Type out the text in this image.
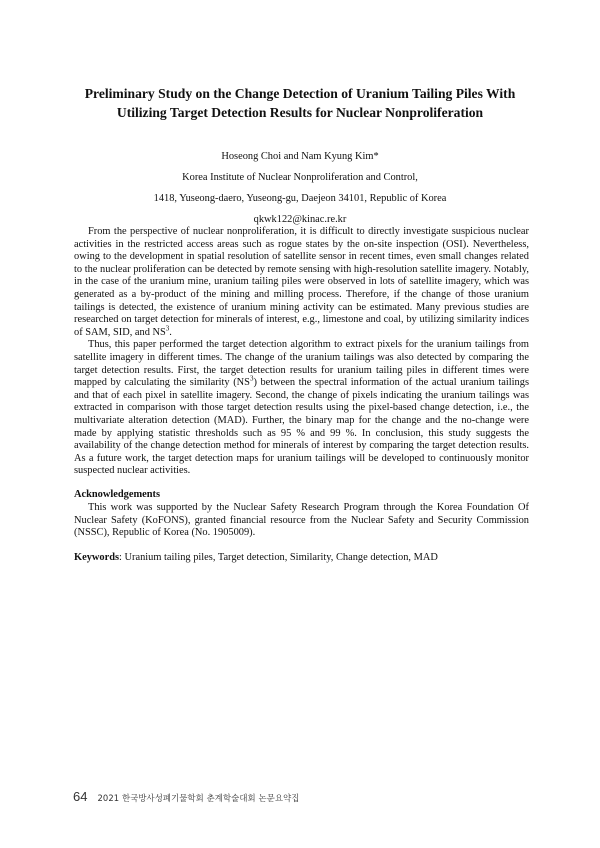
Preliminary Study on the Change Detection of Uranium Tailing Piles With
Utilizing Target Detection Results for Nuclear Nonproliferation

Hoseong Choi and Nam Kyung Kim*

Korea Institute of Nuclear Nonproliferation and Control,

1418, Yuseong-daero, Yuseong-gu, Daejeon 34101, Republic of Korea

qkwk122@kinac.re.kr

From the perspective of nuclear nonproliferation, it is difficult to directly investigate suspicious nuclear activities in the restricted access areas such as rogue states by the on-site inspection (OSI). Nevertheless, owing to the development in spatial resolution of satellite sensor in recent times, even small changes related to the nuclear proliferation can be detected by remote sensing with high-resolution satellite imagery. Notably, in the case of the uranium mine, uranium tailing piles were observed in lots of satellite imagery, which was generated as a by-product of the mining and milling process. Therefore, if the change of those uranium tailings is detected, the existence of uranium mining activity can be estimated. Many previous studies are researched on target detection for minerals of interest, e.g., limestone and coal, by utilizing similarity indices of SAM, SID, and $NS^3$.

Thus, this paper performed the target detection algorithm to extract pixels for the uranium tailings from satellite imagery in different times. The change of the uranium tailings was also detected by comparing the target detection results. First, the target detection results for uranium tailing piles in different times were mapped by calculating the similarity $(NS^3)$ between the spectral information of the actual uranium tailings and that of each pixel in satellite imagery. Second, the change of pixels indicating the uranium tailings was extracted in comparison with those target detection results using the pixel-based change detection, i.e., the multivariate alteration detection (MAD). Further, the binary map for the change and the no-change were made by applying statistic thresholds such as 95 % and 99 %. In conclusion, this study suggests the availability of the change detection method for minerals of interest by comparing the target detection results. As a future work, the target detection maps for uranium tailings will be developed to continuously monitor suspected nuclear activities.

Acknowledgements

This work was supported by the Nuclear Safety Research Program through the Korea Foundation Of Nuclear Safety (KoFONS), granted financial resource from the Nuclear Safety and Security Commission (NSSC), Republic of Korea (No. 1905009).

Keywords: Uranium tailing piles, Target detection, Similarity, Change detection, MAD

64 2021 한국방사성폐기물학회 춘계학술대회 논문요약집
